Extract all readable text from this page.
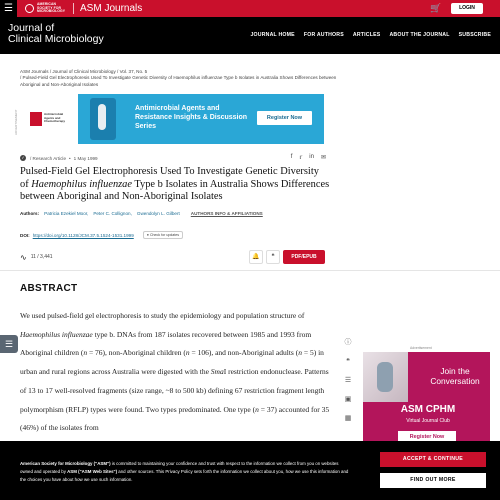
☰	AMERICAN SOCIETY FOR MICROBIOLOGY ASM Journals	🛒	LOGIN
Journal of
Clinical Microbiology	JOURNAL HOME FOR AUTHORS ARTICLES ABOUT THE JOURNAL SUBSCRIBE
ASM Journals / Journal of Clinical Microbiology / Vol. 37, No. 5
/ Pulsed-Field Gel Electrophoresis Used To Investigate Genetic Diversity of Haemophilus influenzae Type b Isolates in Australia Shows Differences between Aboriginal and Non-Aboriginal Isolates
ADVERTISEMENT	Antimicrobial Agents and Chemotherapy
Antimicrobial Agents and Resistance Insights & Discussion Series
Register Now
✓ / Research Article • 1 May 1999	f 𝕣 in ✉
Pulsed-Field Gel Electrophoresis Used To Investigate Genetic Diversity of Haemophilus influenzae Type b Isolates in Australia Shows Differences between Aboriginal and Non-Aboriginal Isolates
Authors: Patricia Ezekiel Moor, Peter C. Collignon, Gwendolyn L. Gilbert AUTHORS INFO & AFFILIATIONS
DOI: https://doi.org/10.1128/JCM.37.5.1524-1531.1999	● Check for updates
∿ 11 / 3,441	🔔	❝	PDF/EPUB
ABSTRACT

We used pulsed-field gel electrophoresis to study the epidemiology and population structure of Haemophilus influenzae type b. DNAs from 187 isolates recovered between 1985 and 1993 from Aboriginal children (n = 76), non-Aboriginal children (n = 106), and non-Aboriginal adults (n = 5) in urban and rural regions across Australia were digested with the SmaI restriction endonuclease. Patterns of 13 to 17 well-resolved fragments (size range, ~8 to 500 kb) defining 67 restriction fragment length polymorphism (RFLP) types were found. Two types predominated. One type (n = 37) accounted for 35 (46%) of the isolates from

☰	ⓘ
❝
☰
▣
▦
Advertisement
Join the Conversation
ASM CPHM
Virtual Journal Club
Register Now
American Society for Microbiology ("ASM") is committed to maintaining your confidence and trust with respect to the information we collect from you on websites owned and operated by ASM ("ASM Web Sites") and other sources. This Privacy Policy sets forth the information we collect about you, how we use this information and the choices you have about how we use such information.
ACCEPT & CONTINUE
FIND OUT MORE
